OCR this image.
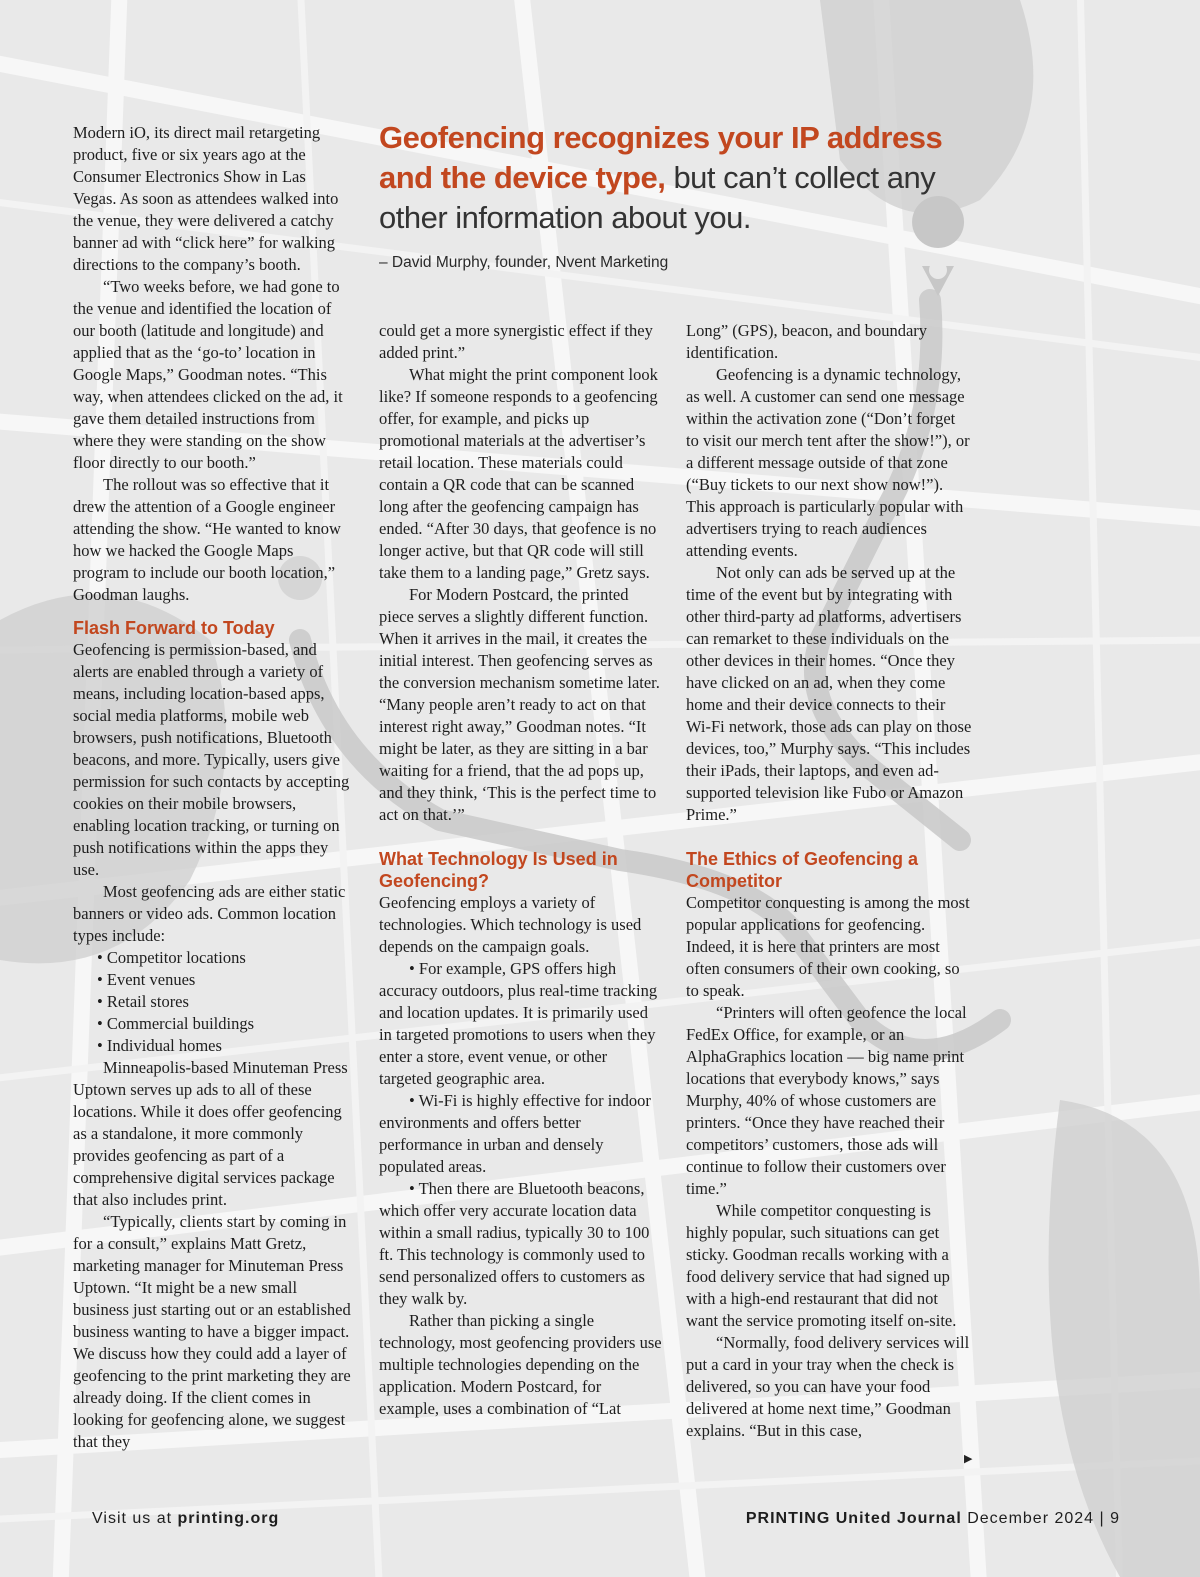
Geofencing recognizes your IP address and the device type, but can’t collect any other information about you.
– David Murphy, founder, Nvent Marketing

Modern iO, its direct mail retargeting product, five or six years ago at the Consumer Electronics Show in Las Vegas. As soon as attendees walked into the venue, they were delivered a catchy banner ad with “click here” for walking directions to the company’s booth.

“Two weeks before, we had gone to the venue and identified the location of our booth (latitude and longitude) and applied that as the ‘go-to’ location in Google Maps,” Goodman notes. “This way, when attendees clicked on the ad, it gave them detailed instructions from where they were standing on the show floor directly to our booth.”

The rollout was so effective that it drew the attention of a Google engineer attending the show. “He wanted to know how we hacked the Google Maps program to include our booth location,” Goodman laughs.

Flash Forward to Today

Geofencing is permission-based, and alerts are enabled through a variety of means, including location-based apps, social media platforms, mobile web browsers, push notifications, Bluetooth beacons, and more. Typically, users give permission for such contacts by accepting cookies on their mobile browsers, enabling location tracking, or turning on push notifications within the apps they use.

Most geofencing ads are either static banners or video ads. Common location types include:

• Competitor locations
• Event venues
• Retail stores
• Commercial buildings
• Individual homes

Minneapolis-based Minuteman Press Uptown serves up ads to all of these locations. While it does offer geofencing as a standalone, it more commonly provides geofencing as part of a comprehensive digital services package that also includes print.

“Typically, clients start by coming in for a consult,” explains Matt Gretz, marketing manager for Minuteman Press Uptown. “It might be a new small business just starting out or an established business wanting to have a bigger impact. We discuss how they could add a layer of geofencing to the print marketing they are already doing. If the client comes in looking for geofencing alone, we suggest that they

could get a more synergistic effect if they added print.”

What might the print component look like? If someone responds to a geofencing offer, for example, and picks up promotional materials at the advertiser’s retail location. These materials could contain a QR code that can be scanned long after the geofencing campaign has ended. “After 30 days, that geofence is no longer active, but that QR code will still take them to a landing page,” Gretz says.

For Modern Postcard, the printed piece serves a slightly different function. When it arrives in the mail, it creates the initial interest. Then geofencing serves as the conversion mechanism sometime later. “Many people aren’t ready to act on that interest right away,” Goodman notes. “It might be later, as they are sitting in a bar waiting for a friend, that the ad pops up, and they think, ‘This is the perfect time to act on that.’”

What Technology Is Used in Geofencing?

Geofencing employs a variety of technologies. Which technology is used depends on the campaign goals.

• For example, GPS offers high accuracy outdoors, plus real-time tracking and location updates. It is primarily used in targeted promotions to users when they enter a store, event venue, or other targeted geographic area.

• Wi-Fi is highly effective for indoor environments and offers better performance in urban and densely populated areas.

• Then there are Bluetooth beacons, which offer very accurate location data within a small radius, typically 30 to 100 ft. This technology is commonly used to send personalized offers to customers as they walk by.

Rather than picking a single technology, most geofencing providers use multiple technologies depending on the application. Modern Postcard, for example, uses a combination of “Lat

Long” (GPS), beacon, and boundary identification.

Geofencing is a dynamic technology, as well. A customer can send one message within the activation zone (“Don’t forget to visit our merch tent after the show!”), or a different message outside of that zone (“Buy tickets to our next show now!”). This approach is particularly popular with advertisers trying to reach audiences attending events.

Not only can ads be served up at the time of the event but by integrating with other third-party ad platforms, advertisers can remarket to these individuals on the other devices in their homes. “Once they have clicked on an ad, when they come home and their device connects to their Wi-Fi network, those ads can play on those devices, too,” Murphy says. “This includes their iPads, their laptops, and even ad-supported television like Fubo or Amazon Prime.”

The Ethics of Geofencing a Competitor

Competitor conquesting is among the most popular applications for geofencing. Indeed, it is here that printers are most often consumers of their own cooking, so to speak.

“Printers will often geofence the local FedEx Office, for example, or an AlphaGraphics location — big name print locations that everybody knows,” says Murphy, 40% of whose customers are printers. “Once they have reached their competitors’ customers, those ads will continue to follow their customers over time.”

While competitor conquesting is highly popular, such situations can get sticky. Goodman recalls working with a food delivery service that had signed up with a high-end restaurant that did not want the service promoting itself on-site.

“Normally, food delivery services will put a card in your tray when the check is delivered, so you can have your food delivered at home next time,” Goodman explains. “But in this case,

▶
Visit us at printing.org	PRINTING United Journal December 2024 | 9
